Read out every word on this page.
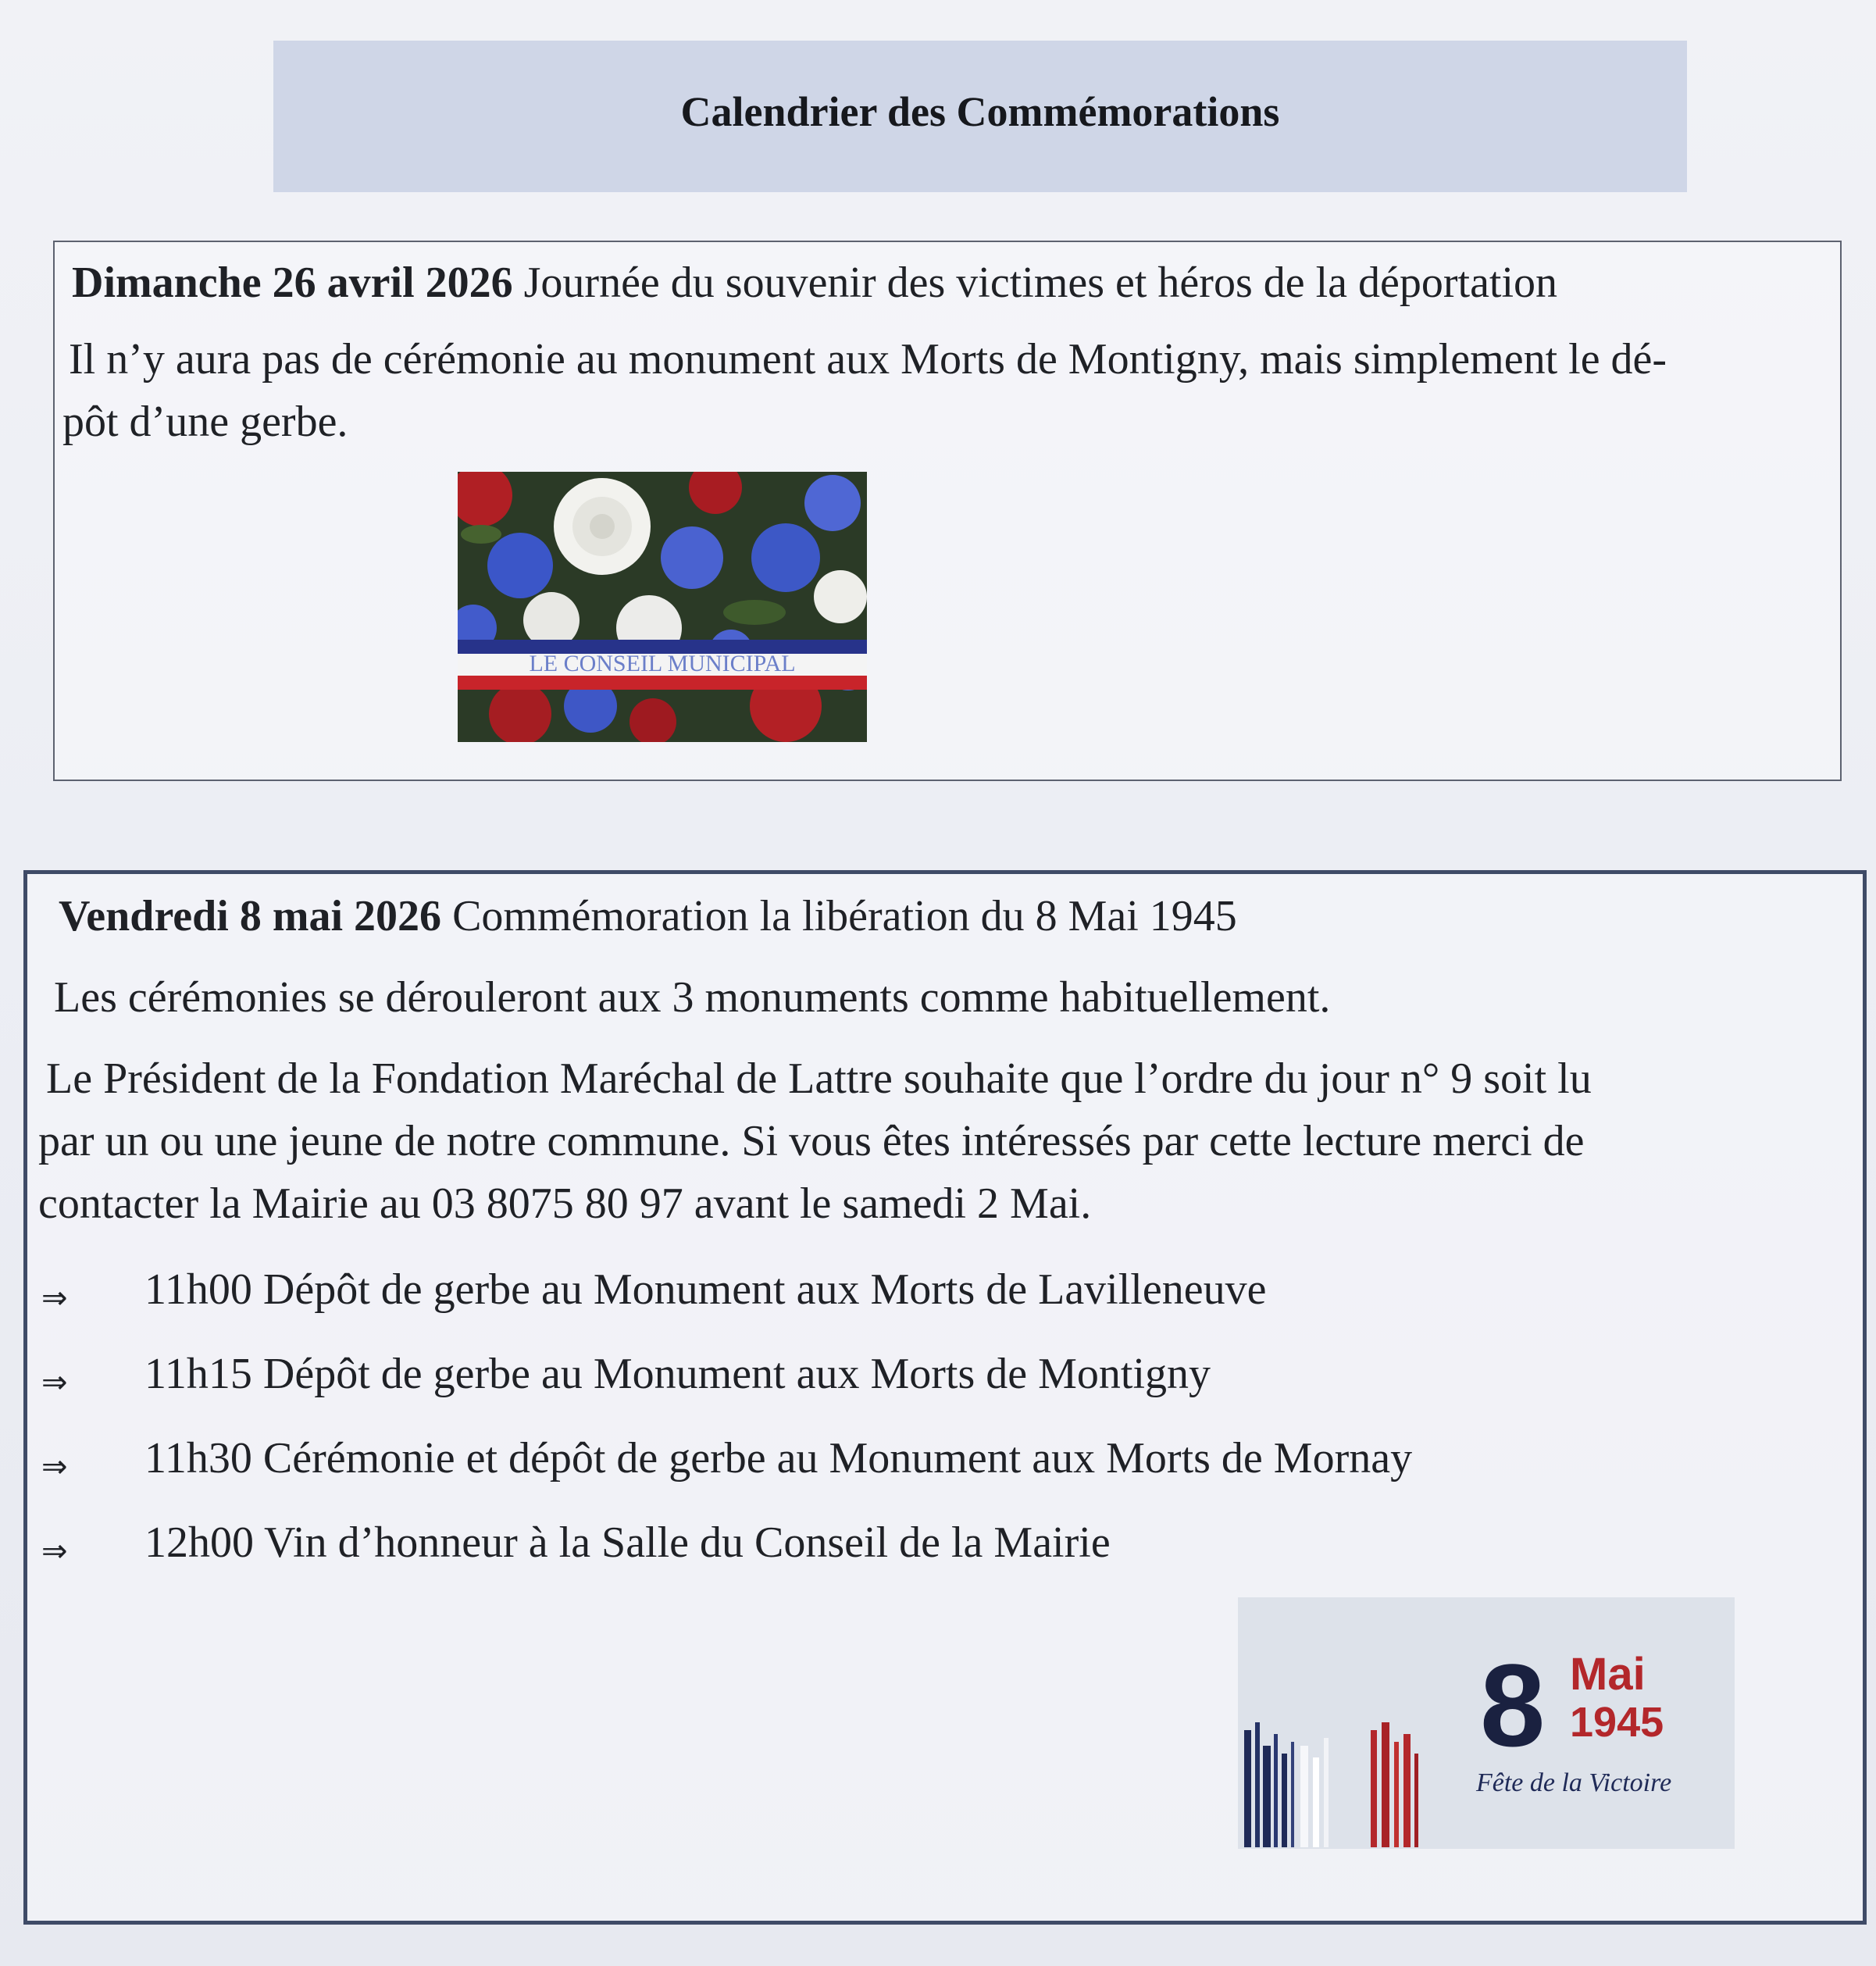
Calendrier des Commémorations
Dimanche 26 avril 2026 Journée du souvenir des victimes et héros de la déportation
Il n’y aura pas de cérémonie au monument aux Morts de Montigny, mais simplement le dé-
pôt d’une gerbe.
LE CONSEIL MUNICIPAL
Vendredi 8 mai 2026 Commémoration la libération du 8 Mai 1945
Les cérémonies se dérouleront aux 3 monuments comme habituellement.
Le Président de la Fondation Maréchal de Lattre souhaite que l’ordre du jour n° 9 soit lu
par un ou une jeune de notre commune. Si vous êtes intéressés par cette lecture merci de
contacter la Mairie au 03 8075 80 97 avant le samedi 2 Mai.
⇒ 11h00 Dépôt de gerbe au Monument aux Morts de Lavilleneuve
⇒ 11h15 Dépôt de gerbe au Monument aux Morts de Montigny
⇒ 11h30 Cérémonie et dépôt de gerbe au Monument aux Morts de Mornay
⇒ 12h00 Vin d’honneur à la Salle du Conseil de la Mairie
8 Mai
1945
Fête de la Victoire
